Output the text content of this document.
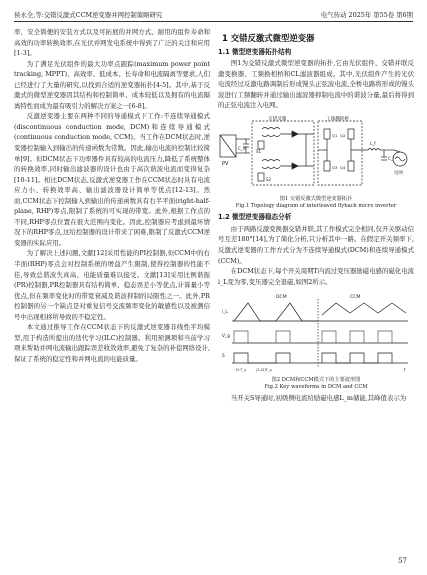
侯永全,等:交错反激式CCM逆变器并网控制策略研究	电气传动 2025年 第55卷 第6期

率、安全简便的安装方式以及可拓展的并网方式、耐用的组件寿命和高效的功率转换效率,在光伏并网发电系统中得到了广泛的关注和应用[1-3]。

为了满足光伏组件的最大功率点跟踪(maximum power point tracking, MPPT)、高效率、低成本、长寿命和电流隔离等要求,人们已经进行了大量的研究,以找到合适的逆变器拓扑[4-5]。其中,基于反激式的微型逆变器因其结构和控制简单、成本较低以及拥有的电流隔离特性而成为最有吸引力的解决方案之一[6-8]。

反激逆变器主要在两种不同的导通模式下工作:不连续导通模式(discontinuous conduction mode, DCM)和连续导通模式(continuous conduction mode, CCM)。当工作在DCM状态时,逆变器控制输入到输出的传递函数为常数。因此,输出电流的控制比较简单[9]。但DCM状态下功率器件具有较高的电流压力,降低了系统整体的转换效率,同时输出滤波器的设计也由于高次谐波电流而变得复杂[10-11]。相比DCM状态,反激式逆变器工作在CCM状态时具有电流应力小、转换效率高、输出滤波器设计简单等优点[12-13]。然而,CCM状态下控制输入到输出的传递函数具有右半平面(right-half-plane, RHP)零点,限制了系统的可实现的带宽。此外,根据工作点的不同,RHP零点位置在很大范围内变化。因此,控制器应考虑到最坏情况下的RHP零点,这给控制器的设计带来了困难,限制了反激式CCM逆变器的实际应用。

为了解决上述问题,文献[12]采用性能的PI控制器,但CCM中的右半面(RHP)零点会对控制系统的增益产生限制,使得控制器的性能不佳,导致总谐波失真高、电能质量难以接受。文献[13]采用比例谐振(PR)控制器,PR控制器具有结构简单、稳态误差小等优点,计算量小等优点,但在频率变化时的带宽衰减及谐波抑制的局限性之一。此外,PR控制器的另一个缺点是对重复信号交流频率变化的敏感性以及被测信号中出现相移所导致的不稳定性。

本文通过推导工作在CCM状态下的反激式逆变器非线性平均模型,用于构造所提出的迭代学习(ILC)控制器。利用预测项和当前学习项来帮助并网电流输出跟踪误差收敛效率,避免了复杂的补偿网络设计,保证了系统的稳定性和并网电流的电能质量。

1 交错反激式微型逆变器
1.1 微型逆变器拓扑结构

图1为交错反激式微型逆变器的拓扑,它由光伏组件、交错并联反激变换器、工频换相桥和CL滤波器组成。其中,光伏组件产生的光伏电流经过反激电路调制后形成馒头正弦波电流,全桥电路将形成的馒头波进行工频翻转并通过输出滤波器抑制电流中的谐波分量,最后将得到的正弦电流注入电网。

PV
C_in
交错反激
S1
S2
工频翻转桥
Q1 Q2
Q3 Q4
L_f
C_f
电网
图1 交错反激式微型逆变器拓扑
Fig.1 Topology diagram of interleaved flyback micro inverter
1.2 微型逆变器稳态分析

由于两路反激变换器交错并联,其工作模式完全相同,仅开关驱动信号互差180°[14],为了简化分析,只分析其中一路。在假定开关频率下,反激式逆变器的工作方式分为不连续导通模式(DCM)和连续导通模式(CCM)。

在DCM状态下,每个开关周期T内流过变压器励磁电感的磁化电流i_L变为零,变压器完全退磁,如图2所示。

DCM	CCM
i_L
V_g
S
D·T_s	(1-D)T_s	t
图2 DCM和CCM模式下的主要波形图
Fig.2 Key waveforms in DCM and CCM

当开关S导通时,初级侧电流给励磁电感L_m储能,其峰值表示为

57
